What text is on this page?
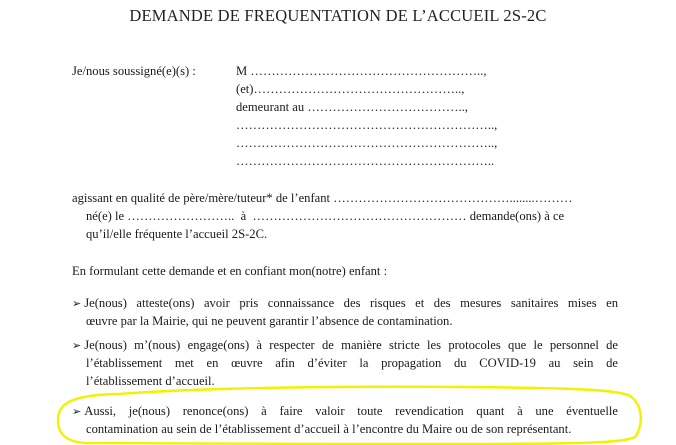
DEMANDE DE FREQUENTATION DE L’ACCUEIL 2S-2C
Je/nous soussigné(e)(s) :	M ………………………………………………..,
(et)…………………………………………..,
demeurant au ………………………………..,
……………………………………………………..,
……………………………………………………..,
……………………………………………………..
agissant en qualité de père/mère/tuteur* de l’enfant ……………………………………........………
né(e) le ……………………..  à  …………………………………………… demande(ons) à ce
qu’il/elle fréquente l’accueil 2S-2C.
En formulant cette demande et en confiant mon(notre) enfant :
➢ Je(nous) atteste(ons) avoir pris connaissance des risques et des mesures sanitaires mises en
œuvre par la Mairie, qui ne peuvent garantir l’absence de contamination.
➢ Je(nous) m’(nous) engage(ons) à respecter de manière stricte les protocoles que le personnel de
l’établissement met en œuvre afin d’éviter la propagation du COVID-19 au sein de
l’établissement d’accueil.
➢ Aussi, je(nous) renonce(ons) à faire valoir toute revendication quant à une éventuelle
contamination au sein de l’établissement d’accueil à l’encontre du Maire ou de son représentant.
